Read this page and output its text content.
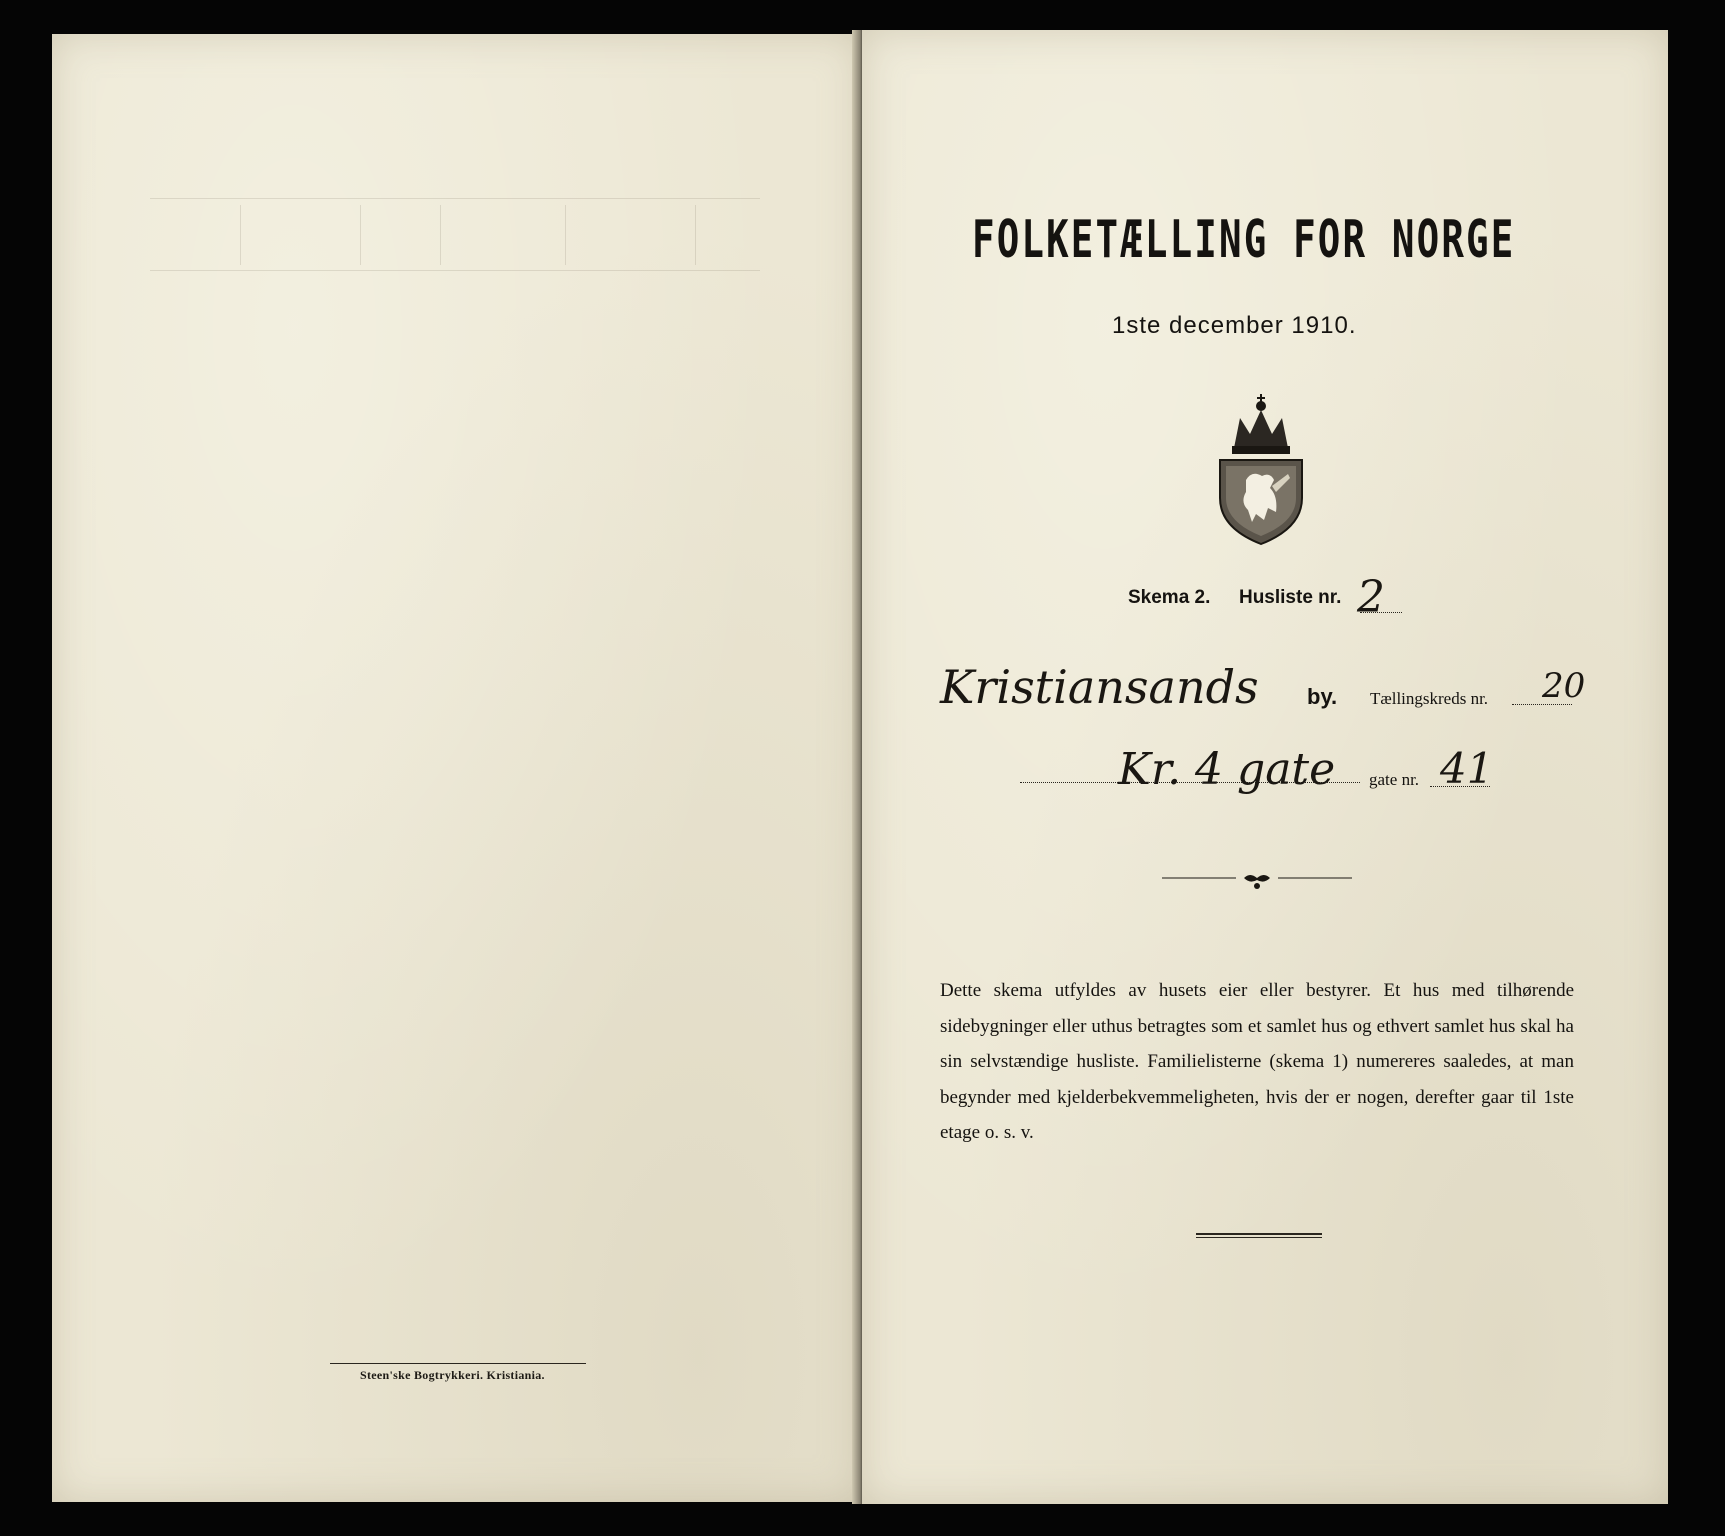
Steen'ske Bogtrykkeri. Kristiania.
FOLKETÆLLING FOR NORGE
1ste december 1910.
Skema 2. Husliste nr. 2
Kristiansands by. Tællingskreds nr. 20
Kr. 4 gate gate nr. 41
Dette skema utfyldes av husets eier eller bestyrer. Et hus med tilhørende sidebygninger eller uthus betragtes som et samlet hus og ethvert samlet hus skal ha sin selvstændige husliste. Familielisterne (skema 1) numereres saaledes, at man begynder med kjelderbekvemmeligheten, hvis der er nogen, derefter gaar til 1ste etage o. s. v.
